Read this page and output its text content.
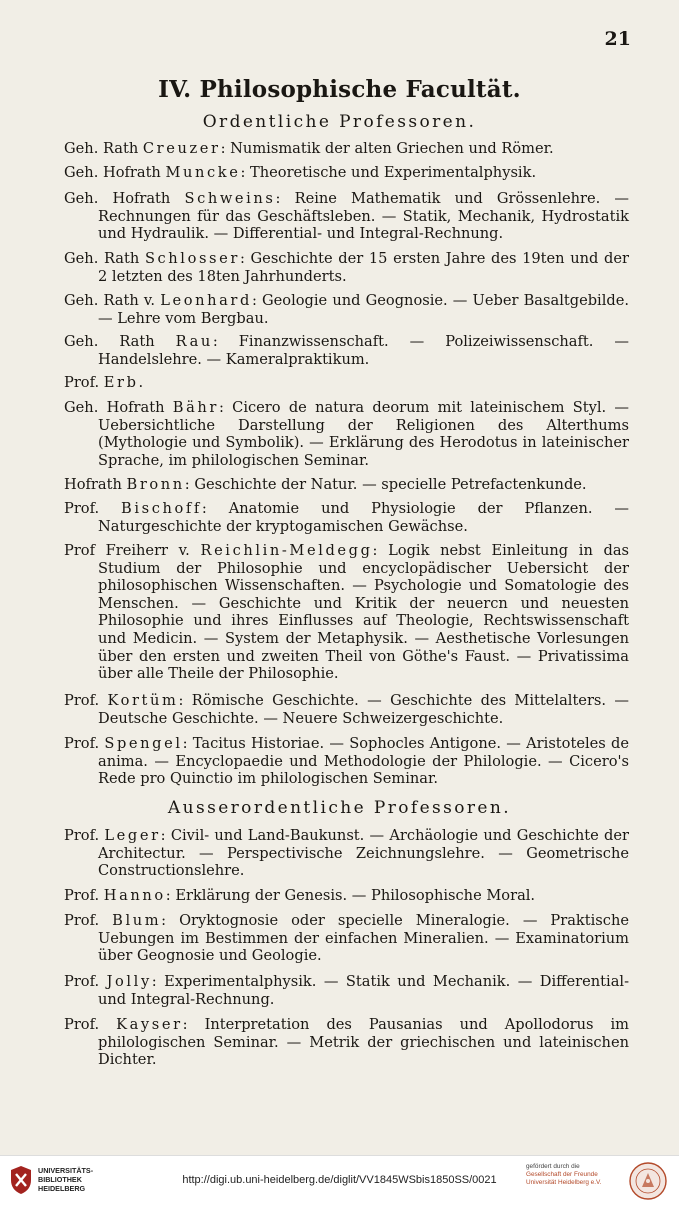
21
IV. Philosophische Facultät.
Ordentliche Professoren.
Geh. Rath Creuzer: Numismatik der alten Griechen und Römer.
Geh. Hofrath Muncke: Theoretische und Experimentalphysik.
Geh. Hofrath Schweins: Reine Mathematik und Grössenlehre. — Rechnungen für das Geschäftsleben. — Statik, Mechanik, Hydrostatik und Hydraulik. — Differential- und Integral-Rechnung.
Geh. Rath Schlosser: Geschichte der 15 ersten Jahre des 19ten und der 2 letzten des 18ten Jahrhunderts.
Geh. Rath v. Leonhard: Geologie und Geognosie. — Ueber Basaltgebilde. — Lehre vom Bergbau.
Geh. Rath Rau: Finanzwissenschaft. — Polizeiwissenschaft. — Handelslehre. — Kameralpraktikum.
Prof. Erb.
Geh. Hofrath Bähr: Cicero de natura deorum mit lateinischem Styl. — Uebersichtliche Darstellung der Religionen des Alterthums (Mythologie und Symbolik). — Erklärung des Herodotus in lateinischer Sprache, im philologischen Seminar.
Hofrath Bronn: Geschichte der Natur. — specielle Petrefactenkunde.
Prof. Bischoff: Anatomie und Physiologie der Pflanzen. — Naturgeschichte der kryptogamischen Gewächse.
Prof Freiherr v. Reichlin-Meldegg: Logik nebst Einleitung in das Studium der Philosophie und encyclopädischer Uebersicht der philosophischen Wissenschaften. — Psychologie und Somatologie des Menschen. — Geschichte und Kritik der neuercn und neuesten Philosophie und ihres Einflusses auf Theologie, Rechtswissenschaft und Medicin. — System der Metaphysik. — Aesthetische Vorlesungen über den ersten und zweiten Theil von Göthe's Faust. — Privatissima über alle Theile der Philosophie.
Prof. Kortüm: Römische Geschichte. — Geschichte des Mittelalters. — Deutsche Geschichte. — Neuere Schweizergeschichte.
Prof. Spengel: Tacitus Historiae. — Sophocles Antigone. — Aristoteles de anima. — Encyclopaedie und Methodologie der Philologie. — Cicero's Rede pro Quinctio im philologischen Seminar.
Ausserordentliche Professoren.
Prof. Leger: Civil- und Land-Baukunst. — Archäologie und Geschichte der Architectur. — Perspectivische Zeichnungslehre. — Geometrische Constructionslehre.
Prof. Hanno: Erklärung der Genesis. — Philosophische Moral.
Prof. Blum: Oryktognosie oder specielle Mineralogie. — Praktische Uebungen im Bestimmen der einfachen Mineralien. — Examinatorium über Geognosie und Geologie.
Prof. Jolly: Experimentalphysik. — Statik und Mechanik. — Differential- und Integral-Rechnung.
Prof. Kayser: Interpretation des Pausanias und Apollodorus im philologischen Seminar. — Metrik der griechischen und lateinischen Dichter.
UNIVERSITÄTS-
BIBLIOTHEK
HEIDELBERG
http://digi.ub.uni-heidelberg.de/diglit/VV1845WSbis1850SS/0021
gefördert durch die
Gesellschaft der Freunde
Universität Heidelberg e.V.
